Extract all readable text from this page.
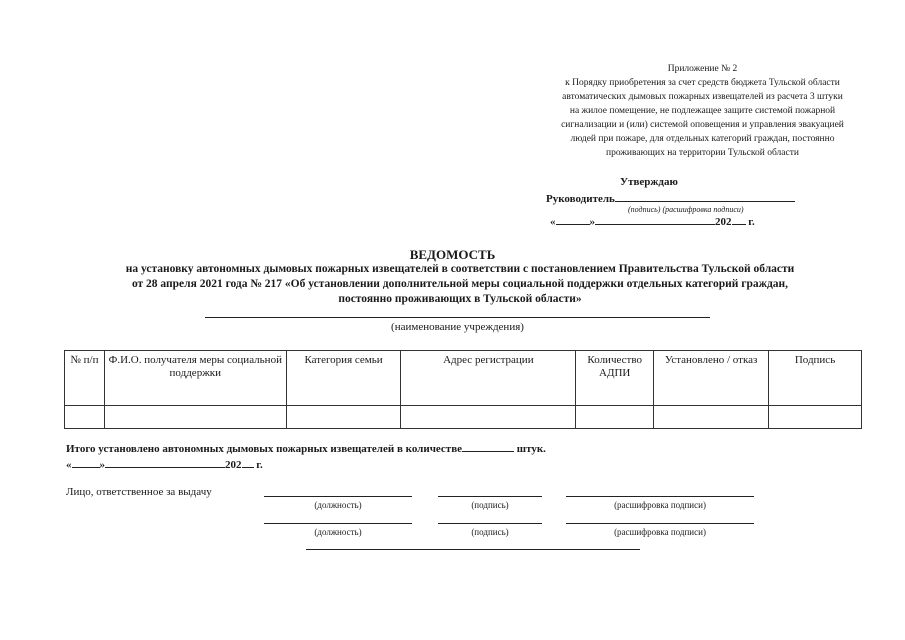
Приложение № 2
к Порядку приобретения за счет средств бюджета Тульской области
автоматических дымовых пожарных извещателей из расчета 3 штуки
на жилое помещение, не подлежащее защите системой пожарной
сигнализации и (или) системой оповещения и управления эвакуацией
людей при пожаре, для отдельных категорий граждан, постоянно
проживающих на территории Тульской области
Утверждаю
Руководитель
(подпись) (расшифровка подписи)
«	»	202 г.
ВЕДОМОСТЬ
на установку автономных дымовых пожарных извещателей в соответствии с постановлением Правительства Тульской области
от 28 апреля 2021 года № 217 «Об установлении дополнительной меры социальной поддержки отдельных категорий граждан,
постоянно проживающих в Тульской области»
(наименование учреждения)
№ п/п	Ф.И.О. получателя меры социальной поддержки	Категория семьи	Адрес регистрации	Количество АДПИ	Установлено / отказ	Подпись

Итого установлено автономных дымовых пожарных извещателей в количестве	штук.
«	»	202 г.
Лицо, ответственное за выдачу
(должность)	(подпись)	(расшифровка подписи)
(должность)	(подпись)	(расшифровка подписи)
